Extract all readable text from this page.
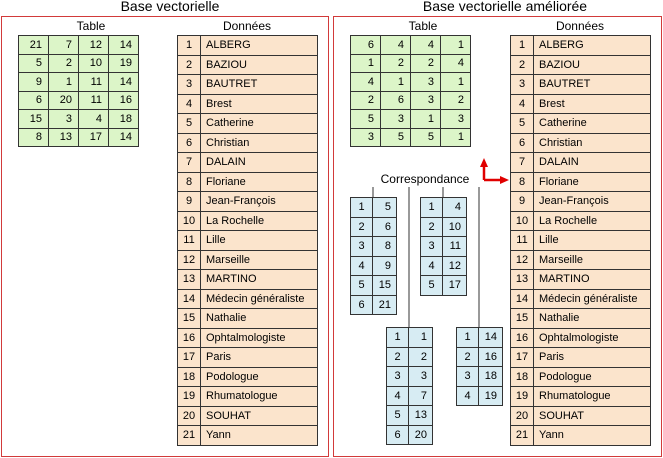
Base vectorielle	Base vectorielle améliorée
Table	Données	Table	Données
Correspondance
21	7	12	14
5	2	10	19
9	1	11	14
6	20	11	16
15	3	4	18
8	13	17	14
1	ALBERG
2	BAZIOU
3	BAUTRET
4	Brest
5	Catherine
6	Christian
7	DALAIN
8	Floriane
9	Jean-François
10	La Rochelle
11	Lille
12	Marseille
13	MARTINO
14	Médecin généraliste
15	Nathalie
16	Ophtalmologiste
17	Paris
18	Podologue
19	Rhumatologue
20	SOUHAT
21	Yann
6	4	4	1
1	2	2	4
4	1	3	1
2	6	3	2
5	3	1	3
3	5	5	1
1	ALBERG
2	BAZIOU
3	BAUTRET
4	Brest
5	Catherine
6	Christian
7	DALAIN
8	Floriane
9	Jean-François
10	La Rochelle
11	Lille
12	Marseille
13	MARTINO
14	Médecin généraliste
15	Nathalie
16	Ophtalmologiste
17	Paris
18	Podologue
19	Rhumatologue
20	SOUHAT
21	Yann
1	5
2	6
3	8
4	9
5	15
6	21
1	4
2	10
3	11
4	12
5	17
1	1
2	2
3	3
4	7
5	13
6	20
1	14
2	16
3	18
4	19
